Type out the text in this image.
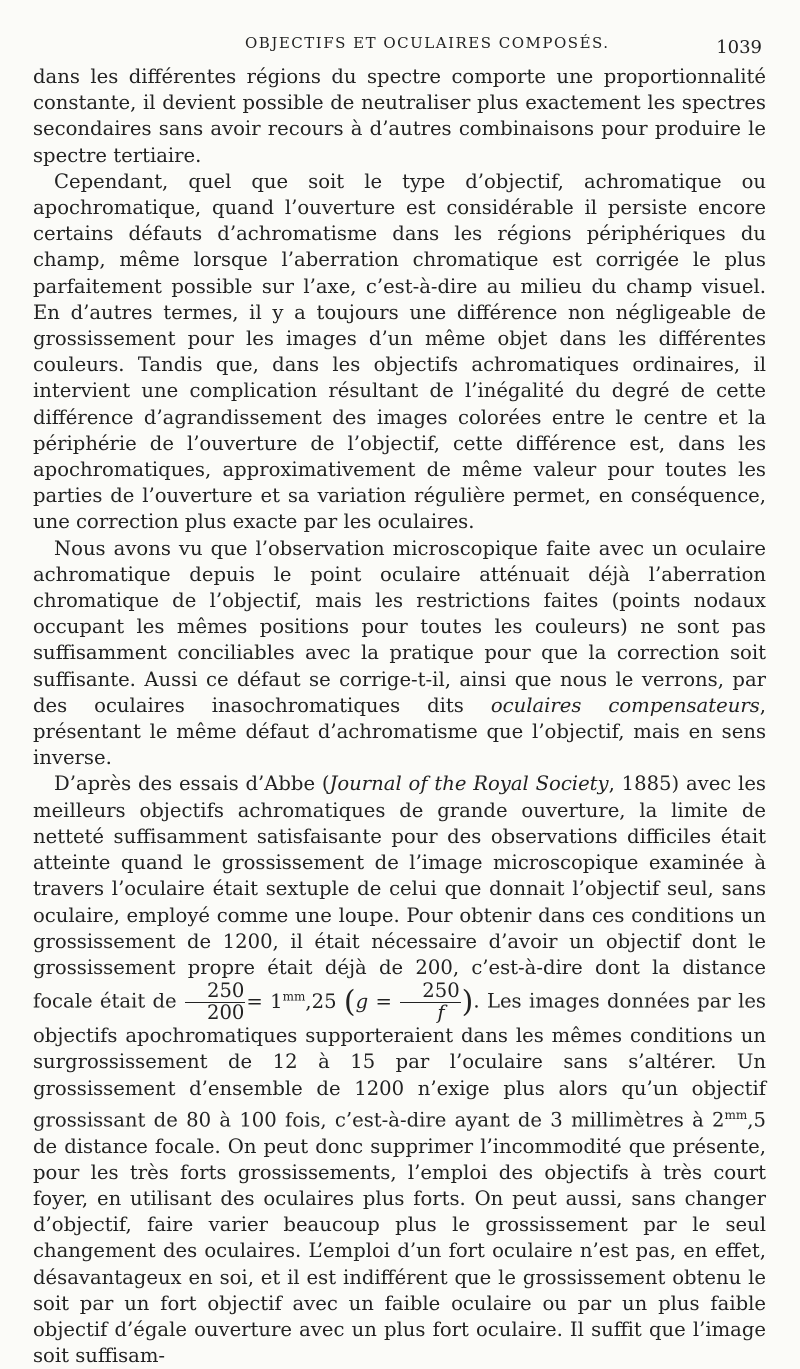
OBJECTIFS ET OCULAIRES COMPOSÉS.	1039

dans les différentes régions du spectre comporte une proportionnalité constante, il devient possible de neutraliser plus exactement les spectres secondaires sans avoir recours à d’autres combinaisons pour produire le spectre tertiaire.

Cependant, quel que soit le type d’objectif, achromatique ou apochromatique, quand l’ouverture est considérable il persiste encore certains défauts d’achromatisme dans les régions périphériques du champ, même lorsque l’aberration chromatique est corrigée le plus parfaitement possible sur l’axe, c’est-à-dire au milieu du champ visuel. En d’autres termes, il y a toujours une différence non négligeable de grossissement pour les images d’un même objet dans les différentes couleurs. Tandis que, dans les objectifs achromatiques ordinaires, il intervient une complication résultant de l’inégalité du degré de cette différence d’agrandissement des images colorées entre le centre et la périphérie de l’ouverture de l’objectif, cette différence est, dans les apochromatiques, approximativement de même valeur pour toutes les parties de l’ouverture et sa variation régulière permet, en conséquence, une correction plus exacte par les oculaires.

Nous avons vu que l’observation microscopique faite avec un oculaire achromatique depuis le point oculaire atténuait déjà l’aberration chromatique de l’objectif, mais les restrictions faites (points nodaux occupant les mêmes positions pour toutes les couleurs) ne sont pas suffisamment conciliables avec la pratique pour que la correction soit suffisante. Aussi ce défaut se corrige-t-il, ainsi que nous le verrons, par des oculaires inasochromatiques dits oculaires compensateurs, présentant le même défaut d’achromatisme que l’objectif, mais en sens inverse.

D’après des essais d’Abbe (Journal of the Royal Society, 1885) avec les meilleurs objectifs achromatiques de grande ouverture, la limite de netteté suffisamment satisfaisante pour des observations difficiles était atteinte quand le grossissement de l’image microscopique examinée à travers l’oculaire était sextuple de celui que donnait l’objectif seul, sans oculaire, employé comme une loupe. Pour obtenir dans ces conditions un grossissement de 1200, il était nécessaire d’avoir un objectif dont le grossissement propre était déjà de 200, c’est-à-dire dont la distance focale était de $\frac{250}{200} = 1^{mm},25$ ($g = \frac{250}{f}$ ). Les images données par les objectifs apochromatiques supporteraient dans les mêmes conditions un surgrossissement de 12 à 15 par l’oculaire sans s’altérer. Un grossissement d’ensemble de 1200 n’exige plus alors qu’un objectif grossissant de 80 à 100 fois, c’est-à-dire ayant de 3 millimètres à $2^{mm},5$ de distance focale. On peut donc supprimer l’incommodité que présente, pour les très forts grossissements, l’emploi des objectifs à très court foyer, en utilisant des oculaires plus forts. On peut aussi, sans changer d’objectif, faire varier beaucoup plus le grossissement par le seul changement des oculaires. L’emploi d’un fort oculaire n’est pas, en effet, désavantageux en soi, et il est indifférent que le grossissement obtenu le soit par un fort objectif avec un faible oculaire ou par un plus faible objectif d’égale ouverture avec un plus fort oculaire. Il suffit que l’image soit suffisam-
